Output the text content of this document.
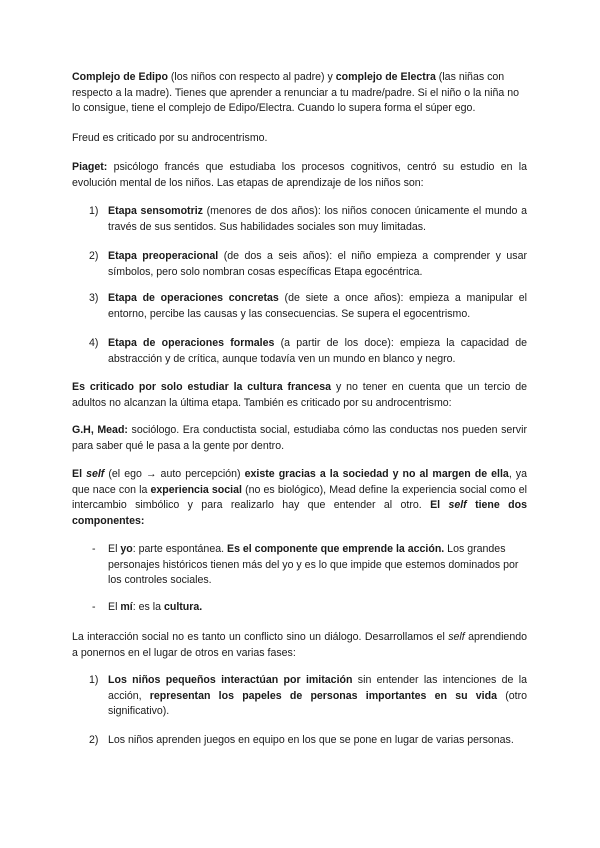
Complejo de Edipo (los niños con respecto al padre) y complejo de Electra (las niñas con respecto a la madre). Tienes que aprender a renunciar a tu madre/padre. Si el niño o la niña no lo consigue, tiene el complejo de Edipo/Electra. Cuando lo supera forma el súper ego.

Freud es criticado por su androcentrismo.

Piaget: psicólogo francés que estudiaba los procesos cognitivos, centró su estudio en la evolución mental de los niños. Las etapas de aprendizaje de los niños son:

1) Etapa sensomotriz (menores de dos años): los niños conocen únicamente el mundo a través de sus sentidos. Sus habilidades sociales son muy limitadas.
2) Etapa preoperacional (de dos a seis años): el niño empieza a comprender y usar símbolos, pero solo nombran cosas específicas Etapa egocéntrica.
3) Etapa de operaciones concretas (de siete a once años): empieza a manipular el entorno, percibe las causas y las consecuencias. Se supera el egocentrismo.
4) Etapa de operaciones formales (a partir de los doce): empieza la capacidad de abstracción y de crítica, aunque todavía ven un mundo en blanco y negro.

Es criticado por solo estudiar la cultura francesa y no tener en cuenta que un tercio de adultos no alcanzan la última etapa. También es criticado por su androcentrismo:

G.H, Mead: sociólogo. Era conductista social, estudiaba cómo las conductas nos pueden servir para saber qué le pasa a la gente por dentro.

El self (el ego → auto percepción) existe gracias a la sociedad y no al margen de ella, ya que nace con la experiencia social (no es biológico), Mead define la experiencia social como el intercambio simbólico y para realizarlo hay que entender al otro. El self tiene dos componentes:

- El yo: parte espontánea. Es el componente que emprende la acción. Los grandes personajes históricos tienen más del yo y es lo que impide que estemos dominados por los controles sociales.
- El mí: es la cultura.

La interacción social no es tanto un conflicto sino un diálogo. Desarrollamos el self aprendiendo a ponernos en el lugar de otros en varias fases:

1) Los niños pequeños interactúan por imitación sin entender las intenciones de la acción, representan los papeles de personas importantes en su vida (otro significativo).
2) Los niños aprenden juegos en equipo en los que se pone en lugar de varias personas.
